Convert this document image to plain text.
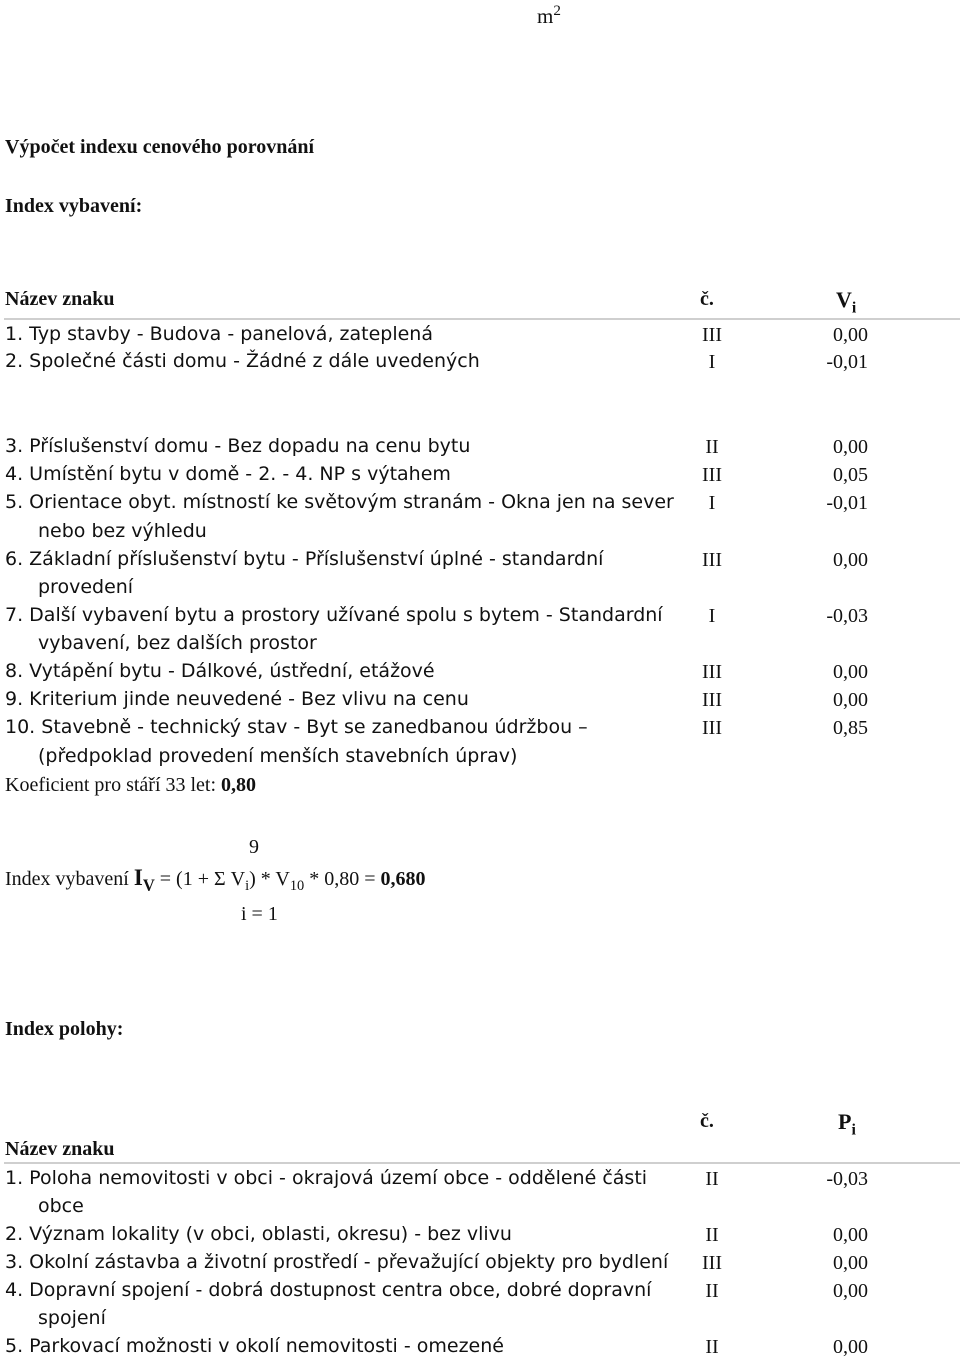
$m^2$
Výpočet indexu cenového porovnání
Index vybavení:
Název znaku	č.	$V_i$
1. Typ stavby - Budova - panelová, zateplená	III	0,00
2. Společné části domu - Žádné z dále uvedených	I	-0,01
3. Příslušenství domu - Bez dopadu na cenu bytu	II	0,00
4. Umístění bytu v domě - 2. - 4. NP s výtahem	III	0,05
5. Orientace obyt. místností ke světovým stranám - Okna jen na sever	I	-0,01
nebo bez výhledu
6. Základní příslušenství bytu - Příslušenství úplné - standardní	III	0,00
provedení
7. Další vybavení bytu a prostory užívané spolu s bytem - Standardní	I	-0,03
vybavení, bez dalších prostor
8. Vytápění bytu - Dálkové, ústřední, etážové	III	0,00
9. Kriterium jinde neuvedené - Bez vlivu na cenu	III	0,00
10. Stavebně - technický stav - Byt se zanedbanou údržbou –	III	0,85
(předpoklad provedení menších stavebních úprav)
Koeficient pro stáří 33 let: 0,80
9
Index vybavení $I_V = (1 + \Sigma$ $V_i) * V_{10} * 0,80 = 0,680$
i = 1
Index polohy:
č.	$P_i$
Název znaku
1. Poloha nemovitosti v obci - okrajová území obce - oddělené části	II	-0,03
obce
2. Význam lokality (v obci, oblasti, okresu) - bez vlivu	II	0,00
3. Okolní zástavba a životní prostředí - převažující objekty pro bydlení	III	0,00
4. Dopravní spojení - dobrá dostupnost centra obce, dobré dopravní	II	0,00
spojení
5. Parkovací možnosti v okolí nemovitosti - omezené	II	0,00
